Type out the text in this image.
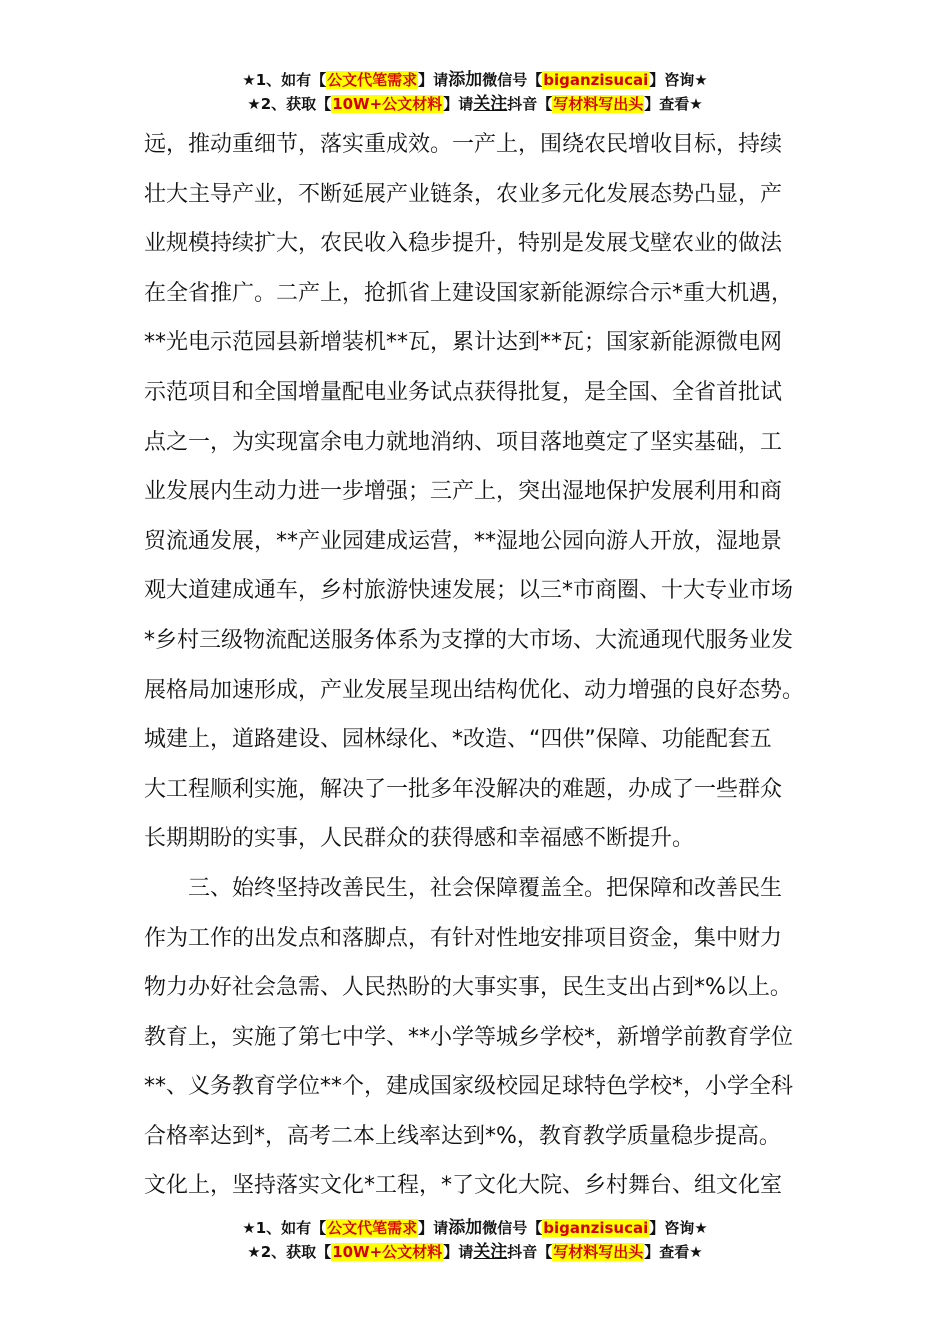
★1、如有【公文代笔需求】请添加微信号【biganzisucai】咨询★
★2、获取【10W+公文材料】请关注抖音【写材料写出头】查看★
远，推动重细节，落实重成效。一产上，围绕农民增收目标，持续
壮大主导产业，不断延展产业链条，农业多元化发展态势凸显，产
业规模持续扩大，农民收入稳步提升，特别是发展戈壁农业的做法
在全省推广。二产上，抢抓省上建设国家新能源综合示*重大机遇，
**光电示范园县新增装机**瓦，累计达到**瓦；国家新能源微电网
示范项目和全国增量配电业务试点获得批复，是全国、全省首批试
点之一，为实现富余电力就地消纳、项目落地奠定了坚实基础，工
业发展内生动力进一步增强；三产上，突出湿地保护发展利用和商
贸流通发展，**产业园建成运营，**湿地公园向游人开放，湿地景
观大道建成通车，乡村旅游快速发展；以三*市商圈、十大专业市场
*乡村三级物流配送服务体系为支撑的大市场、大流通现代服务业发
展格局加速形成，产业发展呈现出结构优化、动力增强的良好态势。
城建上，道路建设、园林绿化、*改造、“四供”保障、功能配套五
大工程顺利实施，解决了一批多年没解决的难题，办成了一些群众
长期期盼的实事，人民群众的获得感和幸福感不断提升。
三、始终坚持改善民生，社会保障覆盖全。把保障和改善民生
作为工作的出发点和落脚点，有针对性地安排项目资金，集中财力
物力办好社会急需、人民热盼的大事实事，民生支出占到*%以上。
教育上，实施了第七中学、**小学等城乡学校*，新增学前教育学位
**、义务教育学位**个，建成国家级校园足球特色学校*，小学全科
合格率达到*，高考二本上线率达到*%，教育教学质量稳步提高。
文化上，坚持落实文化*工程，*了文化大院、乡村舞台、组文化室
★1、如有【公文代笔需求】请添加微信号【biganzisucai】咨询★
★2、获取【10W+公文材料】请关注抖音【写材料写出头】查看★
